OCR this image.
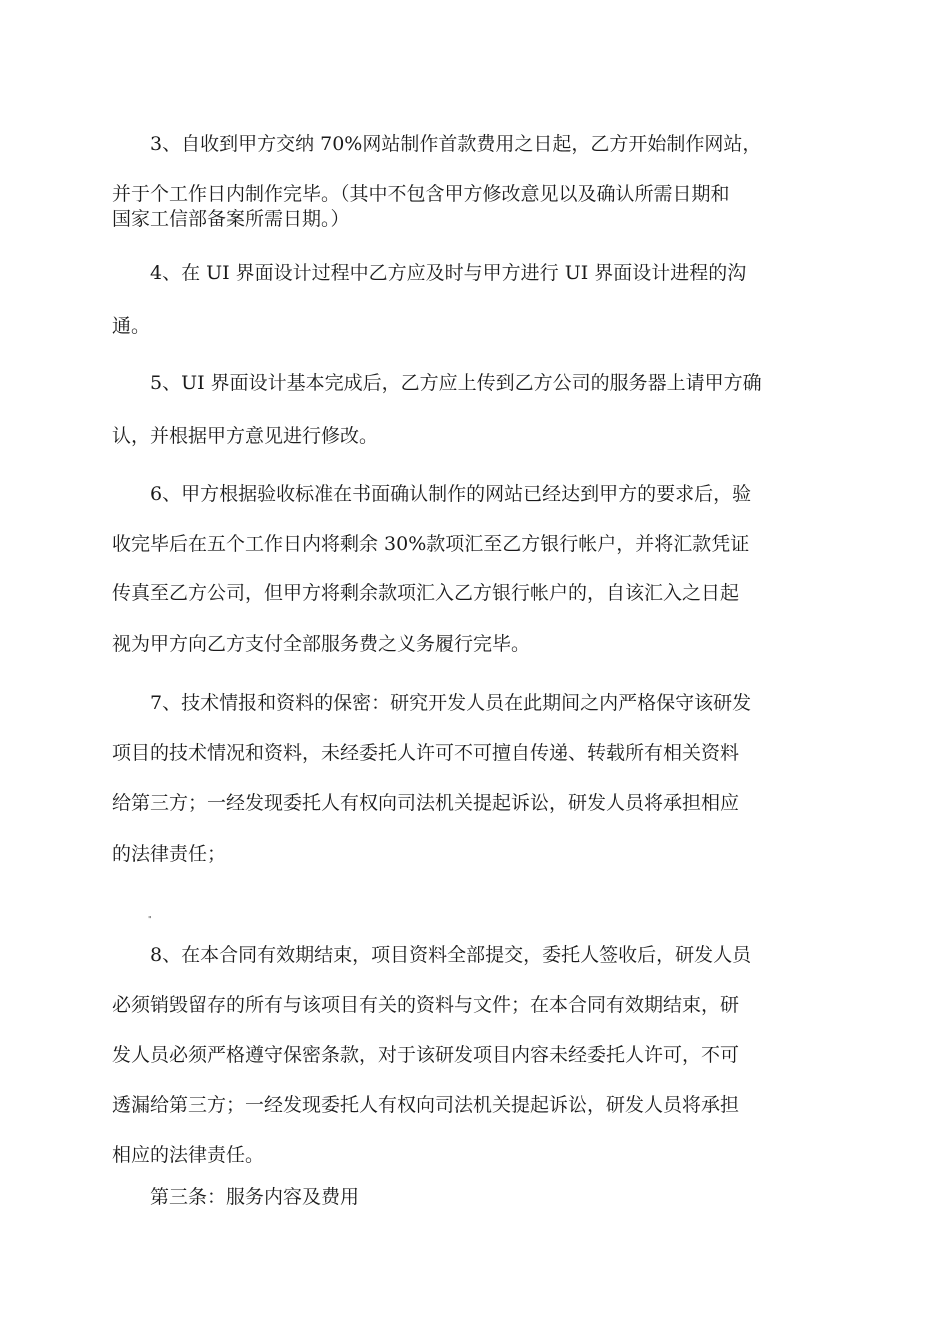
3、自收到甲方交纳 70%网站制作首款费用之日起，乙方开始制作网站，

并于个工作日内制作完毕。（其中不包含甲方修改意见以及确认所需日期和

国家工信部备案所需日期。）

4、在 UI 界面设计过程中乙方应及时与甲方进行 UI 界面设计进程的沟

通。

5、UI 界面设计基本完成后，乙方应上传到乙方公司的服务器上请甲方确

认，并根据甲方意见进行修改。

6、甲方根据验收标准在书面确认制作的网站已经达到甲方的要求后，验

收完毕后在五个工作日内将剩余 30%款项汇至乙方银行帐户，并将汇款凭证

传真至乙方公司，但甲方将剩余款项汇入乙方银行帐户的，自该汇入之日起

视为甲方向乙方支付全部服务费之义务履行完毕。

7、技术情报和资料的保密：研究开发人员在此期间之内严格保守该研发

项目的技术情况和资料，未经委托人许可不可擅自传递、转载所有相关资料

给第三方；一经发现委托人有权向司法机关提起诉讼，研发人员将承担相应

的法律责任；

"

8、在本合同有效期结束，项目资料全部提交，委托人签收后，研发人员

必须销毁留存的所有与该项目有关的资料与文件；在本合同有效期结束，研

发人员必须严格遵守保密条款，对于该研发项目内容未经委托人许可，不可

透漏给第三方；一经发现委托人有权向司法机关提起诉讼，研发人员将承担

相应的法律责任。

第三条：服务内容及费用
